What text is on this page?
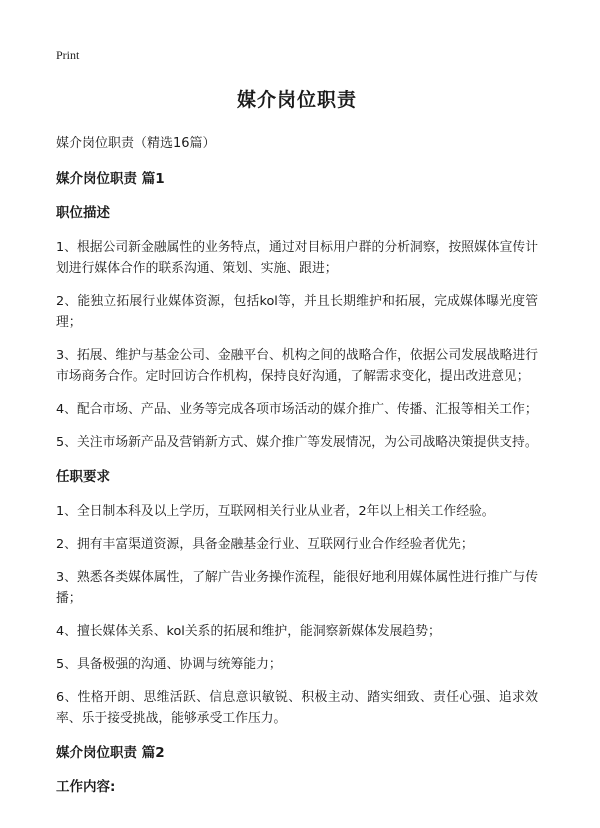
Print
媒介岗位职责

媒介岗位职责（精选16篇）

媒介岗位职责 篇1

职位描述

1、根据公司新金融属性的业务特点，通过对目标用户群的分析洞察，按照媒体宣传计划进行媒体合作的联系沟通、策划、实施、跟进；

2、能独立拓展行业媒体资源，包括kol等，并且长期维护和拓展，完成媒体曝光度管理；

3、拓展、维护与基金公司、金融平台、机构之间的战略合作，依据公司发展战略进行市场商务合作。定时回访合作机构，保持良好沟通，了解需求变化，提出改进意见；

4、配合市场、产品、业务等完成各项市场活动的媒介推广、传播、汇报等相关工作；

5、关注市场新产品及营销新方式、媒介推广等发展情况，为公司战略决策提供支持。

任职要求

1、全日制本科及以上学历，互联网相关行业从业者，2年以上相关工作经验。

2、拥有丰富渠道资源，具备金融基金行业、互联网行业合作经验者优先；

3、熟悉各类媒体属性，了解广告业务操作流程，能很好地利用媒体属性进行推广与传播；

4、擅长媒体关系、kol关系的拓展和维护，能洞察新媒体发展趋势；

5、具备极强的沟通、协调与统筹能力；

6、性格开朗、思维活跃、信息意识敏锐、积极主动、踏实细致、责任心强、追求效率、乐于接受挑战，能够承受工作压力。

媒介岗位职责 篇2

工作内容:
